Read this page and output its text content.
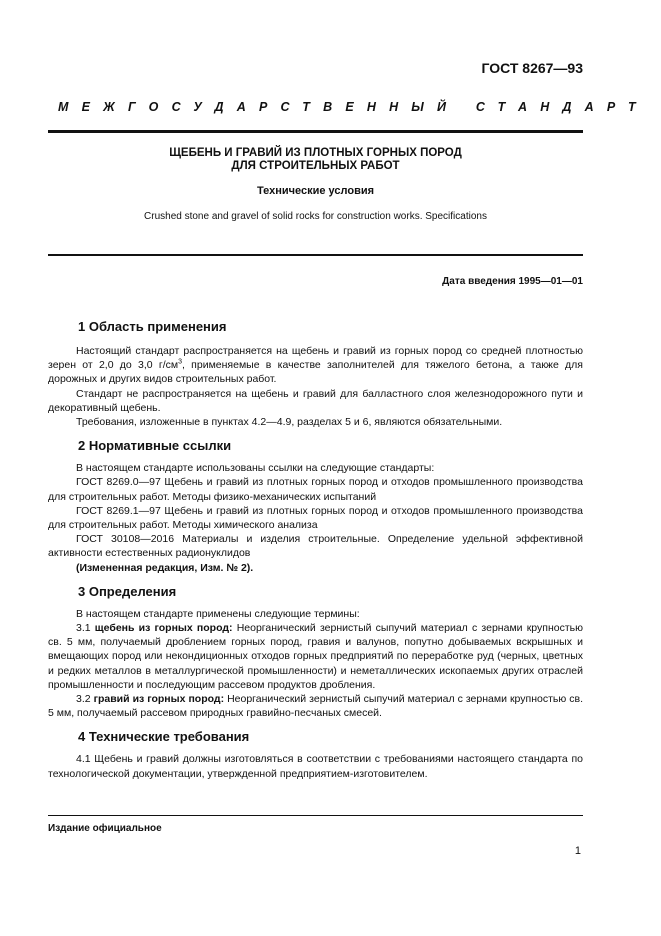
ГОСТ 8267—93
МЕЖГОСУДАРСТВЕННЫЙ СТАНДАРТ
ЩЕБЕНЬ И ГРАВИЙ ИЗ ПЛОТНЫХ ГОРНЫХ ПОРОД
ДЛЯ СТРОИТЕЛЬНЫХ РАБОТ
Технические условия
Crushed stone and gravel of solid rocks for construction works. Specifications
Дата введения 1995—01—01
1 Область применения

Настоящий стандарт распространяется на щебень и гравий из горных пород со средней плотностью зерен от 2,0 до 3,0 $г/см^3$, применяемые в качестве заполнителей для тяжелого бетона, а также для дорожных и других видов строительных работ.

Стандарт не распространяется на щебень и гравий для балластного слоя железнодорожного пути и декоративный щебень.

Требования, изложенные в пунктах 4.2—4.9, разделах 5 и 6, являются обязательными.

2 Нормативные ссылки

В настоящем стандарте использованы ссылки на следующие стандарты:

ГОСТ 8269.0—97 Щебень и гравий из плотных горных пород и отходов промышленного производства для строительных работ. Методы физико-механических испытаний

ГОСТ 8269.1—97 Щебень и гравий из плотных горных пород и отходов промышленного производства для строительных работ. Методы химического анализа

ГОСТ 30108—2016 Материалы и изделия строительные. Определение удельной эффективной активности естественных радионуклидов

(Измененная редакция, Изм. № 2).

3 Определения

В настоящем стандарте применены следующие термины:

3.1 щебень из горных пород: Неорганический зернистый сыпучий материал с зернами крупностью св. 5 мм, получаемый дроблением горных пород, гравия и валунов, попутно добываемых вскрышных и вмещающих пород или некондиционных отходов горных предприятий по переработке руд (черных, цветных и редких металлов в металлургической промышленности) и неметаллических ископаемых других отраслей промышленности и последующим рассевом продуктов дробления.

3.2 гравий из горных пород: Неорганический зернистый сыпучий материал с зернами крупностью св. 5 мм, получаемый рассевом природных гравийно-песчаных смесей.

4 Технические требования

4.1 Щебень и гравий должны изготовляться в соответствии с требованиями настоящего стандарта по технологической документации, утвержденной предприятием-изготовителем.

Издание официальное
1
